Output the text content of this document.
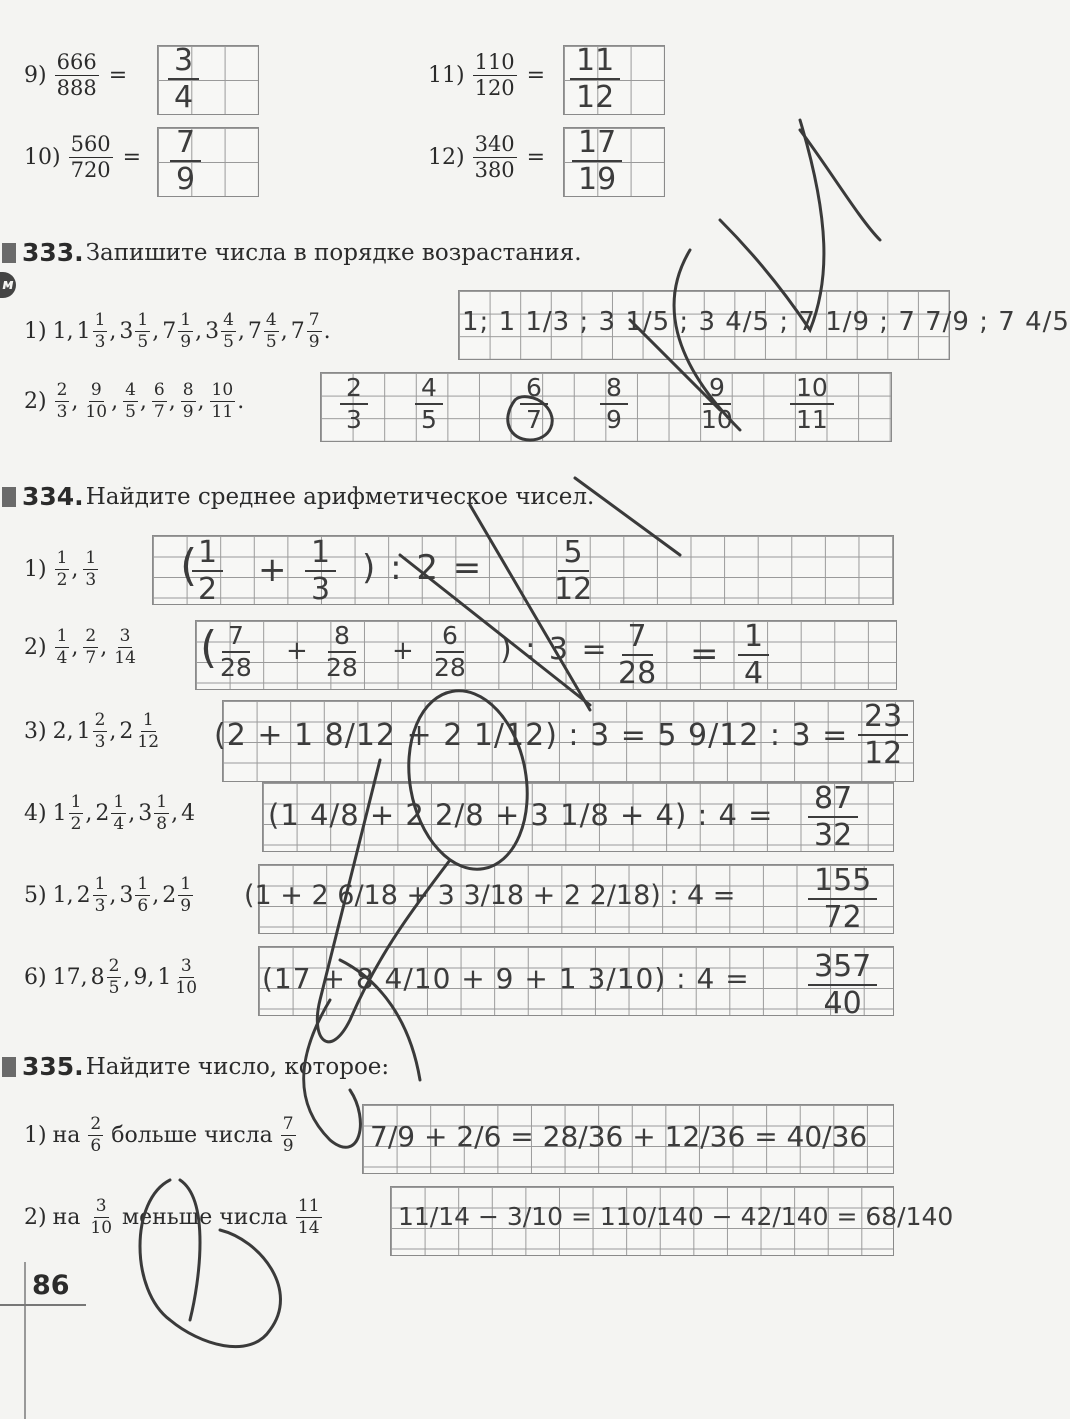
$9) \frac{666}{888} = \frac{3}{4}$
$10) \frac{560}{720} = \frac{7}{9}$
$11) \frac{110}{120} = \frac{11}{12}$
$12) \frac{340}{380} = \frac{17}{19}$
333. Запишите числа в порядке возрастания.
м
1) 1 , $1 \frac{1}{3}$ , $3 \frac{1}{5}$ , $7 \frac{1}{9}$ , $3 \frac{4}{5}$ , $7 \frac{4}{5}$ , $7 \frac{7}{9}$ .	1; 1 1/3 ; 3 1/5 ; 3 4/5 ; 7 1/9 ; 7 7/9 ; 7 4/5
$2) \frac{2}{3}$ , $\frac{9}{10}$ , $\frac{4}{5}$ , $\frac{6}{7}$ , $\frac{8}{9}$ , $\frac{10}{11}$ .	$\frac{2}{3} \frac{4}{5}$	$\frac{6}{7} \frac{8}{9}$	$\frac{9}{10} \frac{10}{11}$
334. Найдите среднее арифметическое чисел.
$1) \frac{1}{2}$ , $\frac{1}{3}$ (
$\frac{1}{2} + \frac{1}{3}$ ) : $2 = \frac{5}{12}$
$2) \frac{1}{4}$ , $\frac{2}{7}$ , $\frac{3}{14}$ (
$\frac{7}{28} + \frac{8}{28} + \frac{6}{28}$ ) : $3 = \frac{7}{28} = \frac{1}{4}$
3) 2 , $1 \frac{2}{3}$ , $2 \frac{1}{12} (2 + 1$ 8/12 + 2 1/12) : 3 = 5 9/12 : $3 = \frac{23}{12}$
4) $1 \frac{1}{2}$ , $2 \frac{1}{4}$ , $3 \frac{1}{8}$ , 4	(1 4/8 + 2 2/8 + 3 1/8 + 4) : $4 = \frac{87}{32}$
5) 1 , $2 \frac{1}{3}$ , $3 \frac{1}{6}$ , $2 \frac{1}{9} (1 + 2$ 6/18 + 3 3/18 + 2 2/18) : $4 = \frac{155}{72}$
6) 17 , $8 \frac{2}{5}$ , 9 , $1 \frac{3}{10} (17 + 8$ 4/10 + 9 + 1 3/10) : $4 = \frac{357}{40}$
335. Найдите число, которое:
1) на $\frac{2}{6}$ больше числа $\frac{7}{9}$	7/9 + 2/6 = 28/36 + 12/36 = 40/36
2) на $\frac{3}{10}$ меньше числа $\frac{11}{14}$	11/14 − 3/10 = 110/140 − 42/140 = 68/140
86
